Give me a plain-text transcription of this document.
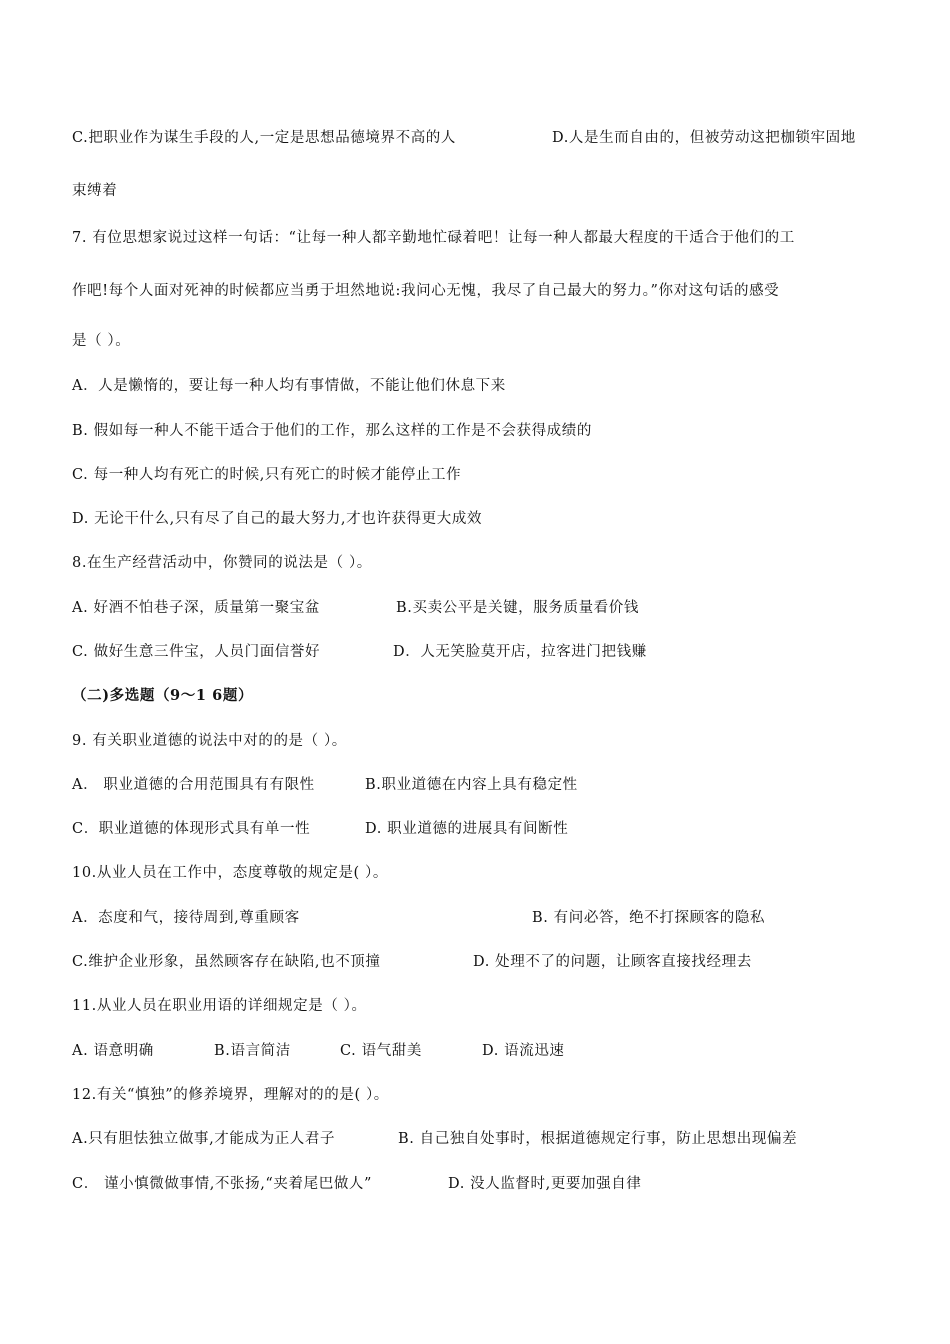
C.把职业作为谋生手段的人,一定是思想品德境界不高的人	D.人是生而自由的，但被劳动这把枷锁牢固地
束缚着
7. 有位思想家说过这样一句话：“让每一种人都辛勤地忙碌着吧！让每一种人都最大程度的干适合于他们的工
作吧!每个人面对死神的时候都应当勇于坦然地说:我问心无愧，我尽了自己最大的努力。”你对这句话的感受
是（ ）。
A．人是懒惰的，要让每一种人均有事情做，不能让他们休息下来
B. 假如每一种人不能干适合于他们的工作，那么这样的工作是不会获得成绩的
C. 每一种人均有死亡的时候,只有死亡的时候才能停止工作
D. 无论干什么,只有尽了自己的最大努力,才也许获得更大成效
8.在生产经营活动中，你赞同的说法是（ ）。
A. 好酒不怕巷子深，质量第一聚宝盆	B.买卖公平是关键，服务质量看价钱
C. 做好生意三件宝，人员门面信誉好	D．人无笑脸莫开店，拉客进门把钱赚
（二)多选题（9～1 6题）
9. 有关职业道德的说法中对的的是（ ）。
A． 职业道德的合用范围具有有限性	B.职业道德在内容上具有稳定性
C．职业道德的体现形式具有单一性	D. 职业道德的进展具有间断性
10.从业人员在工作中，态度尊敬的规定是( ）。
A．态度和气，接待周到,尊重顾客	B. 有问必答，绝不打探顾客的隐私
C.维护企业形象，虽然顾客存在缺陷,也不顶撞	D. 处理不了的问题，让顾客直接找经理去
11.从业人员在职业用语的详细规定是（ ）。
A. 语意明确	B.语言简洁	C. 语气甜美	D. 语流迅速
12.有关“慎独”的修养境界，理解对的的是( ）。
A.只有胆怯独立做事,才能成为正人君子	B. 自己独自处事时，根据道德规定行事，防止思想出现偏差
C． 谨小慎微做事情,不张扬,“夹着尾巴做人”	D. 没人监督时,更要加强自律
